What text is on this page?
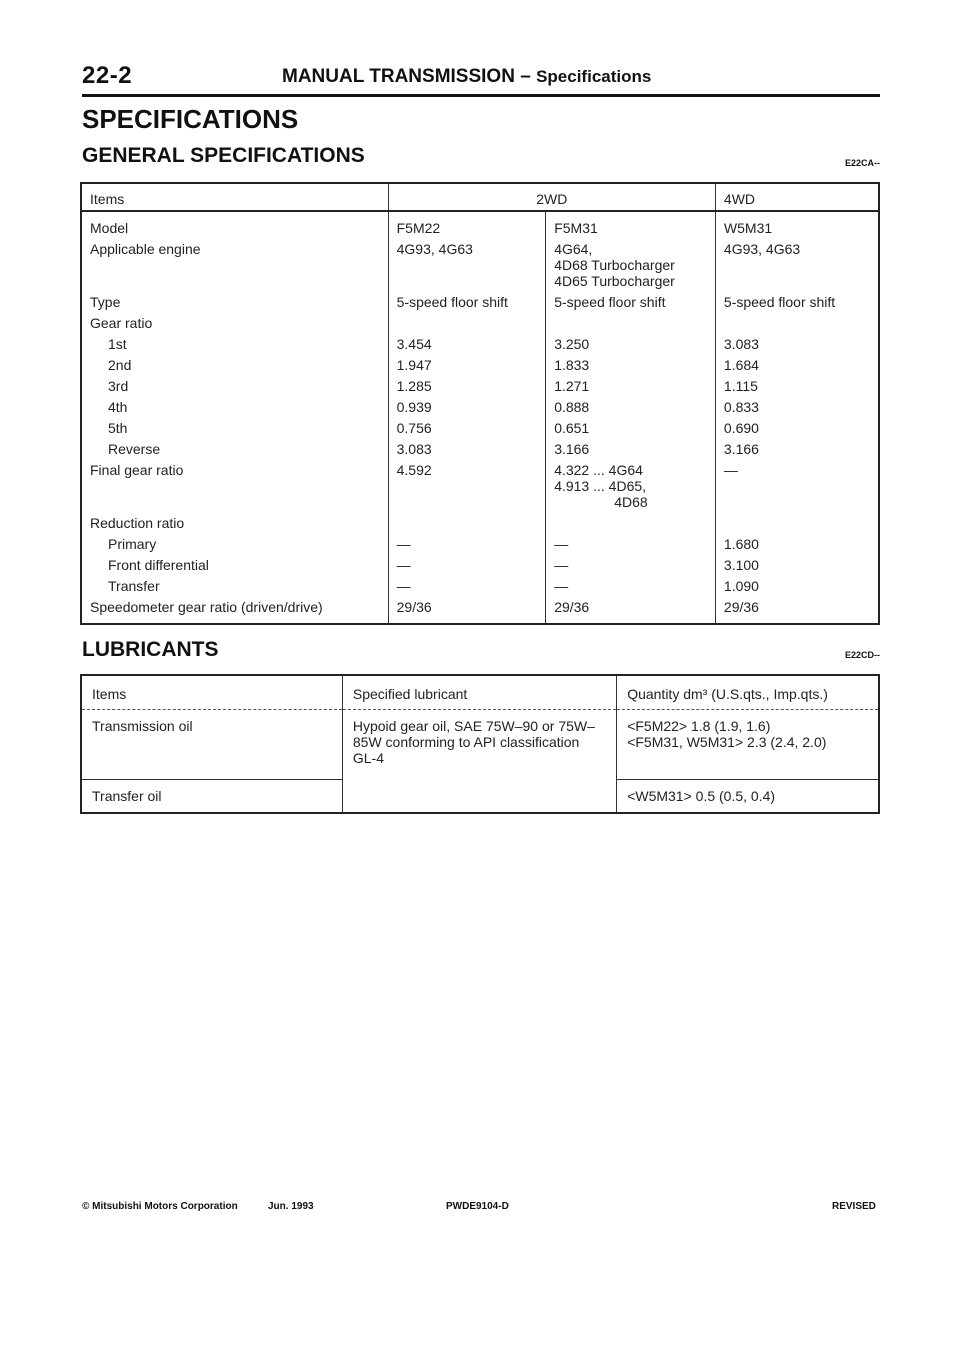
22-2	MANUAL TRANSMISSION – Specifications
SPECIFICATIONS
GENERAL SPECIFICATIONS	E22CA--
Items	2WD		4WD
Model	F5M22	F5M31	W5M31
Applicable engine	4G93, 4G63	4G64,
4D68 Turbocharger
4D65 Turbocharger	4G93, 4G63
Type	5-speed floor shift	5-speed floor shift	5-speed floor shift
Gear ratio			
1st	3.454	3.250	3.083
2nd	1.947	1.833	1.684
3rd	1.285	1.271	1.115
4th	0.939	0.888	0.833
5th	0.756	0.651	0.690
Reverse	3.083	3.166	3.166
Final gear ratio	4.592	4.322 ... 4G64
4.913 ... 4D65,
4D68	—
Reduction ratio			
Primary	—	—	1.680
Front differential	—	—	3.100
Transfer	—	—	1.090
Speedometer gear ratio (driven/drive)	29/36	29/36	29/36
LUBRICANTS	E22CD--
Items	Specified lubricant	Quantity dm³ (U.S.qts., Imp.qts.)
Transmission oil	Hypoid gear oil, SAE 75W–90 or 75W–85W conforming to API classification GL-4	<F5M22> 1.8 (1.9, 1.6)
<F5M31, W5M31> 2.3 (2.4, 2.0)

Transfer oil		<W5M31> 0.5 (0.5, 0.4)
© Mitsubishi Motors Corporation	Jun. 1993	PWDE9104-D	REVISED
